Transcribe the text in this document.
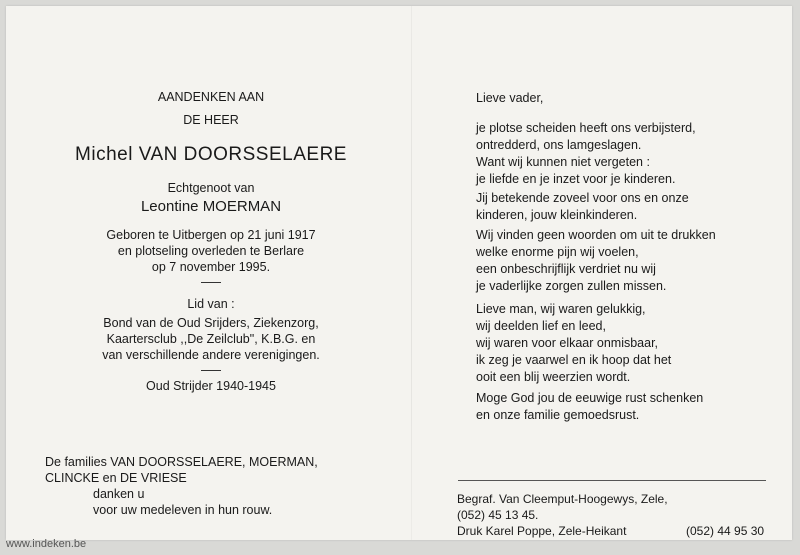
AANDENKEN AAN
DE HEER
Michel VAN DOORSSELAERE
Echtgenoot van
Leontine MOERMAN
Geboren te Uitbergen op 21 juni 1917
en plotseling overleden te Berlare
op 7 november 1995.
Lid van :
Bond van de Oud Srijders, Ziekenzorg,
Kaartersclub ,,De Zeilclub", K.B.G. en
van verschillende andere verenigingen.
Oud Strijder 1940-1945
De families VAN DOORSSELAERE, MOERMAN,
CLINCKE en DE VRIESE
danken u
voor uw medeleven in hun rouw.
Lieve vader,
je plotse scheiden heeft ons verbijsterd,
ontredderd, ons lamgeslagen.
Want wij kunnen niet vergeten :
je liefde en je inzet voor je kinderen.
Jij betekende zoveel voor ons en onze
kinderen, jouw kleinkinderen.
Wij vinden geen woorden om uit te drukken
welke enorme pijn wij voelen,
een onbeschrijflijk verdriet nu wij
je vaderlijke zorgen zullen missen.
Lieve man, wij waren gelukkig,
wij deelden lief en leed,
wij waren voor elkaar onmisbaar,
ik zeg je vaarwel en ik hoop dat het
ooit een blij weerzien wordt.
Moge God jou de eeuwige rust schenken
en onze familie gemoedsrust.
Begraf. Van Cleemput-Hoogewys, Zele,
(052) 45 13 45.
Druk Karel Poppe, Zele-Heikant	(052) 44 95 30
www.indeken.be
